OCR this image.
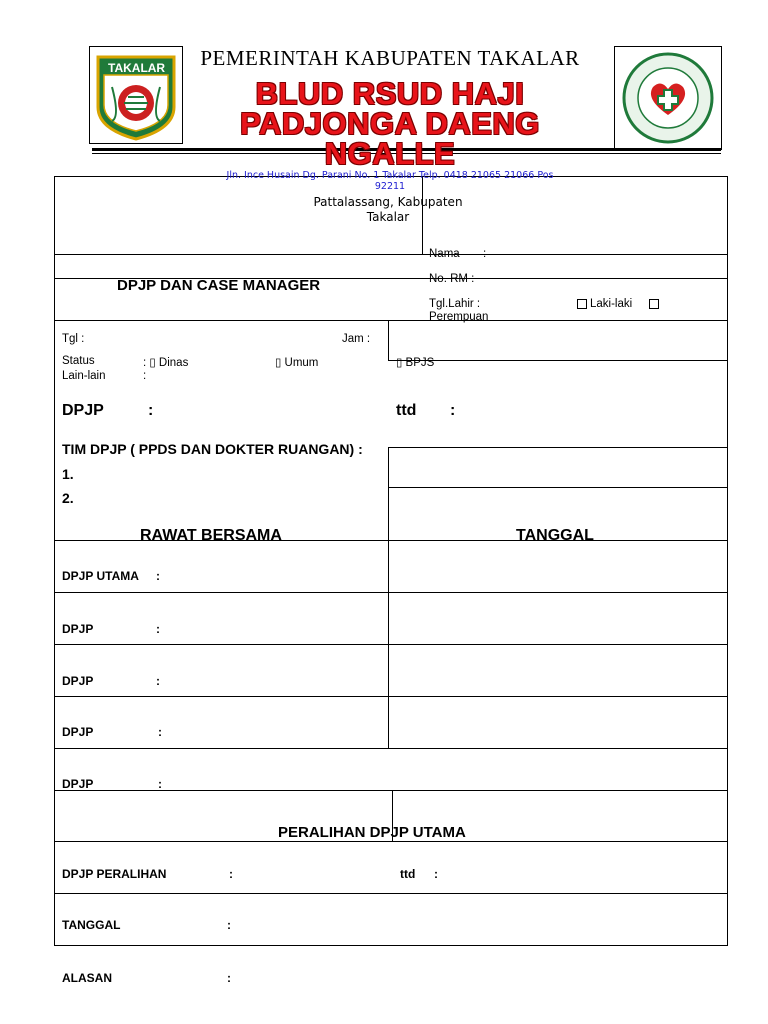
TAKALAR	PEMERINTAH KABUPATEN TAKALAR
BLUD RSUD HAJI
PADJONGA DAENG
NGALLE
Jln. Ince Husain Dg. Parani No. 1 Takalar Telp. 0418 21065 21066 Pos
92211
Pattalassang, Kabupaten
Takalar
Nama :
No. RM :
Tgl.Lahir :	Laki-laki
Perempuan
DPJP DAN CASE MANAGER
Tgl :	Jam :
Status	: ▯ Dinas	▯ Umum	▯ BPJS
Lain-lain	:
DPJP	:	ttd :
TIM DPJP ( PPDS DAN DOKTER RUANGAN) :
1.
2.
RAWAT BERSAMA	TANGGAL
DPJP UTAMA :
DPJP	:
DPJP	:
DPJP	:
DPJP	:
PERALIHAN DPJP UTAMA
DPJP PERALIHAN	:	ttd :
TANGGAL	:
ALASAN	:
